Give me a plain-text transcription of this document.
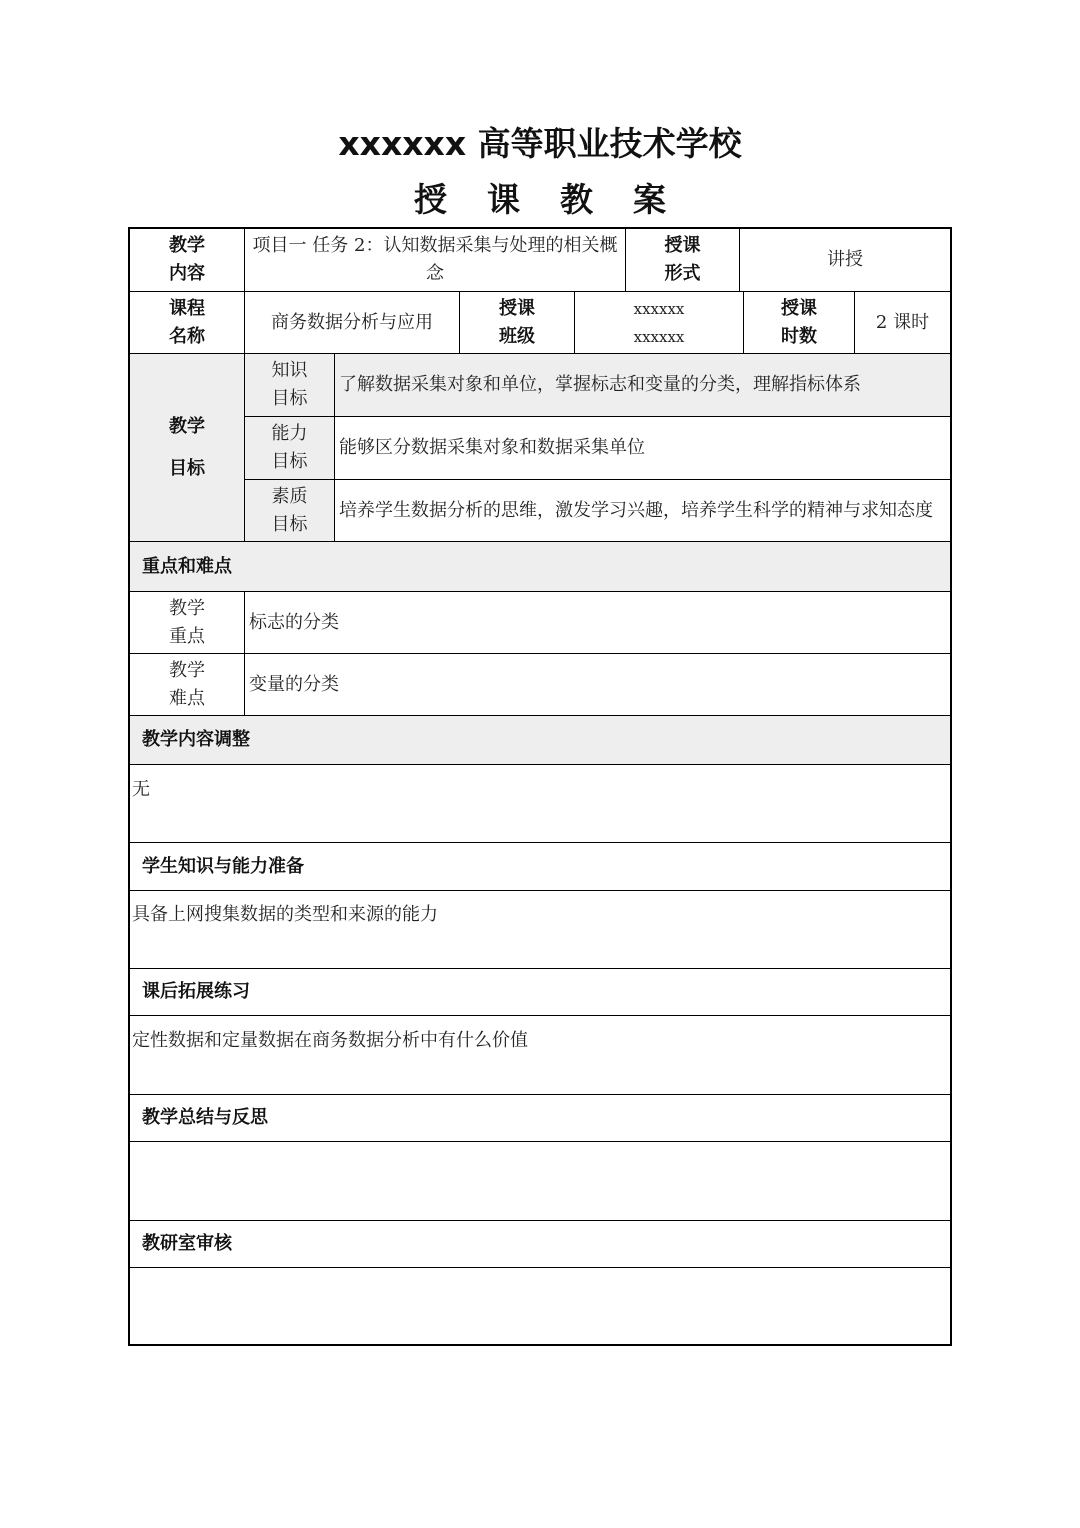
xxxxxx 高等职业技术学校
授课教案
教学
内容
项目一 任务 2：认知数据采集与处理的相关概念
授课
形式
讲授
课程
名称
商务数据分析与应用
授课
班级
xxxxxx
xxxxxx
授课
时数
2 课时
教学
目标
知识
目标
了解数据采集对象和单位，掌握标志和变量的分类，理解指标体系
能力
目标
能够区分数据采集对象和数据采集单位
素质
目标
培养学生数据分析的思维，激发学习兴趣，培养学生科学的精神与求知态度
重点和难点
教学
重点
标志的分类
教学
难点
变量的分类
教学内容调整
无
学生知识与能力准备
具备上网搜集数据的类型和来源的能力
课后拓展练习
定性数据和定量数据在商务数据分析中有什么价值
教学总结与反思
教研室审核
